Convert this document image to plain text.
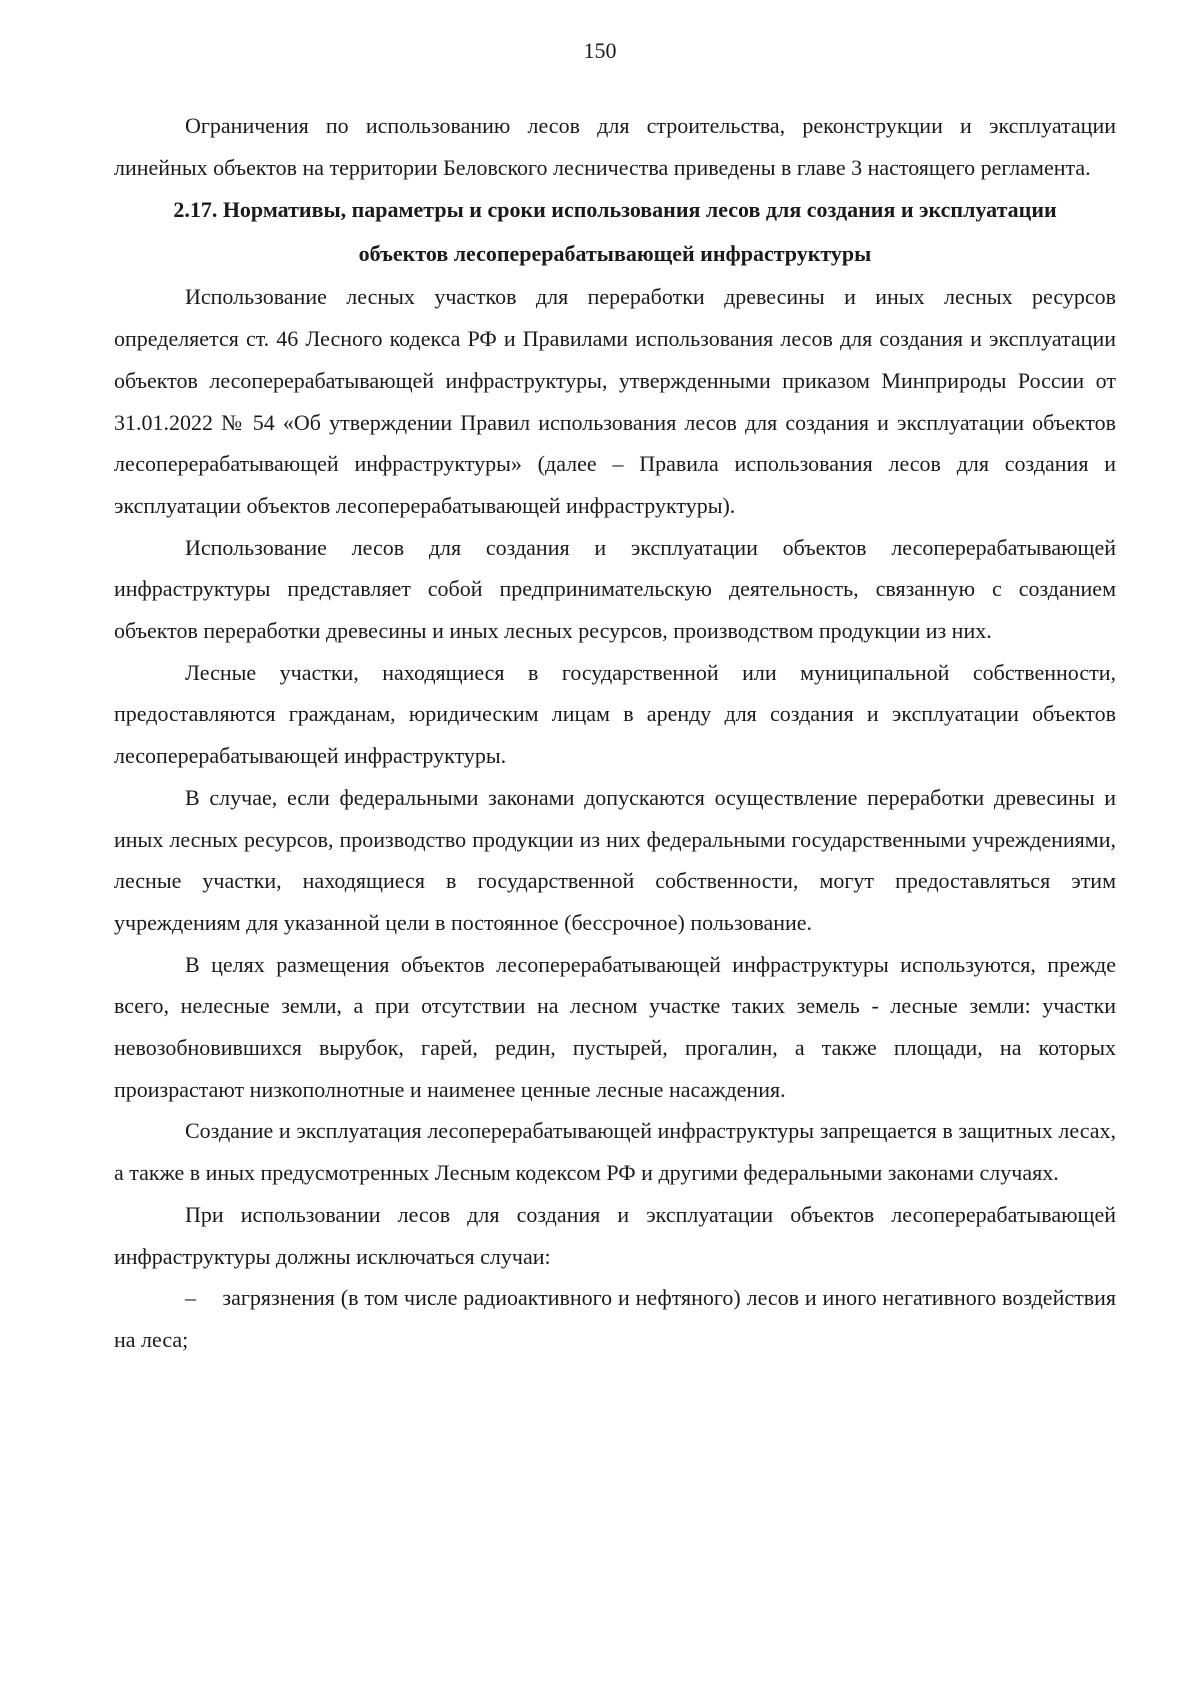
150

Ограничения по использованию лесов для строительства, реконструкции и эксплуатации линейных объектов на территории Беловского лесничества приведены в главе 3 настоящего регламента.

2.17. Нормативы, параметры и сроки использования лесов для создания и эксплуатации объектов лесоперерабатывающей инфраструктуры

Использование лесных участков для переработки древесины и иных лесных ресурсов определяется ст. 46 Лесного кодекса РФ и Правилами использования лесов для создания и эксплуатации объектов лесоперерабатывающей инфраструктуры, утвержденными приказом Минприроды России от 31.01.2022 № 54 «Об утверждении Правил использования лесов для создания и эксплуатации объектов лесоперерабатывающей инфраструктуры» (далее – Правила использования лесов для создания и эксплуатации объектов лесоперерабатывающей инфраструктуры).

Использование лесов для создания и эксплуатации объектов лесоперерабатывающей инфраструктуры представляет собой предпринимательскую деятельность, связанную с созданием объектов переработки древесины и иных лесных ресурсов, производством продукции из них.

Лесные участки, находящиеся в государственной или муниципальной собственности, предоставляются гражданам, юридическим лицам в аренду для создания и эксплуатации объектов лесоперерабатывающей инфраструктуры.

В случае, если федеральными законами допускаются осуществление переработки древесины и иных лесных ресурсов, производство продукции из них федеральными государственными учреждениями, лесные участки, находящиеся в государственной собственности, могут предоставляться этим учреждениям для указанной цели в постоянное (бессрочное) пользование.

В целях размещения объектов лесоперерабатывающей инфраструктуры используются, прежде всего, нелесные земли, а при отсутствии на лесном участке таких земель - лесные земли: участки невозобновившихся вырубок, гарей, редин, пустырей, прогалин, а также площади, на которых произрастают низкополнотные и наименее ценные лесные насаждения.

Создание и эксплуатация лесоперерабатывающей инфраструктуры запрещается в защитных лесах, а также в иных предусмотренных Лесным кодексом РФ и другими федеральными законами случаях.

При использовании лесов для создания и эксплуатации объектов лесоперерабатывающей инфраструктуры должны исключаться случаи:

–  загрязнения (в том числе радиоактивного и нефтяного) лесов и иного негативного воздействия на леса;
